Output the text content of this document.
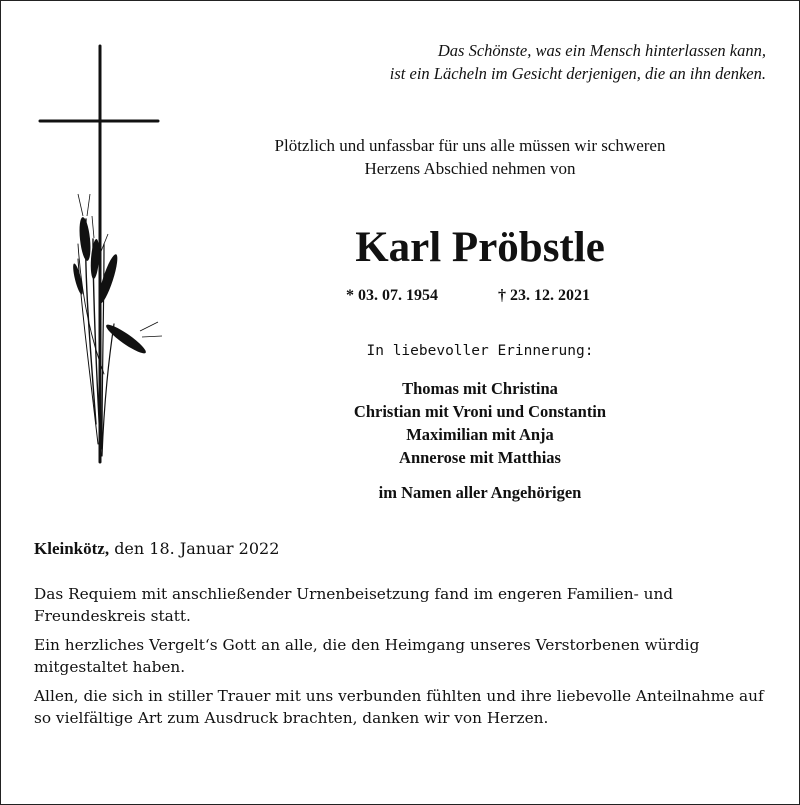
Das Schönste, was ein Mensch hinterlassen kann,
ist ein Lächeln im Gesicht derjenigen, die an ihn denken.
Plötzlich und unfassbar für uns alle müssen wir schweren
Herzens Abschied nehmen von
Karl Pröbstle
* 03. 07. 1954	† 23. 12. 2021
In liebevoller Erinnerung:
Thomas mit Christina
Christian mit Vroni und Constantin
Maximilian mit Anja
Annerose mit Matthias
im Namen aller Angehörigen
Kleinkötz, den 18. Januar 2022

Das Requiem mit anschließender Urnenbeisetzung fand im engeren Familien- und Freundeskreis statt.

Ein herzliches Vergelt‘s Gott an alle, die den Heimgang unseres Verstorbenen würdig mitgestaltet haben.

Allen, die sich in stiller Trauer mit uns verbunden fühlten und ihre liebevolle Anteilnahme auf so vielfältige Art zum Ausdruck brachten, danken wir von Herzen.
